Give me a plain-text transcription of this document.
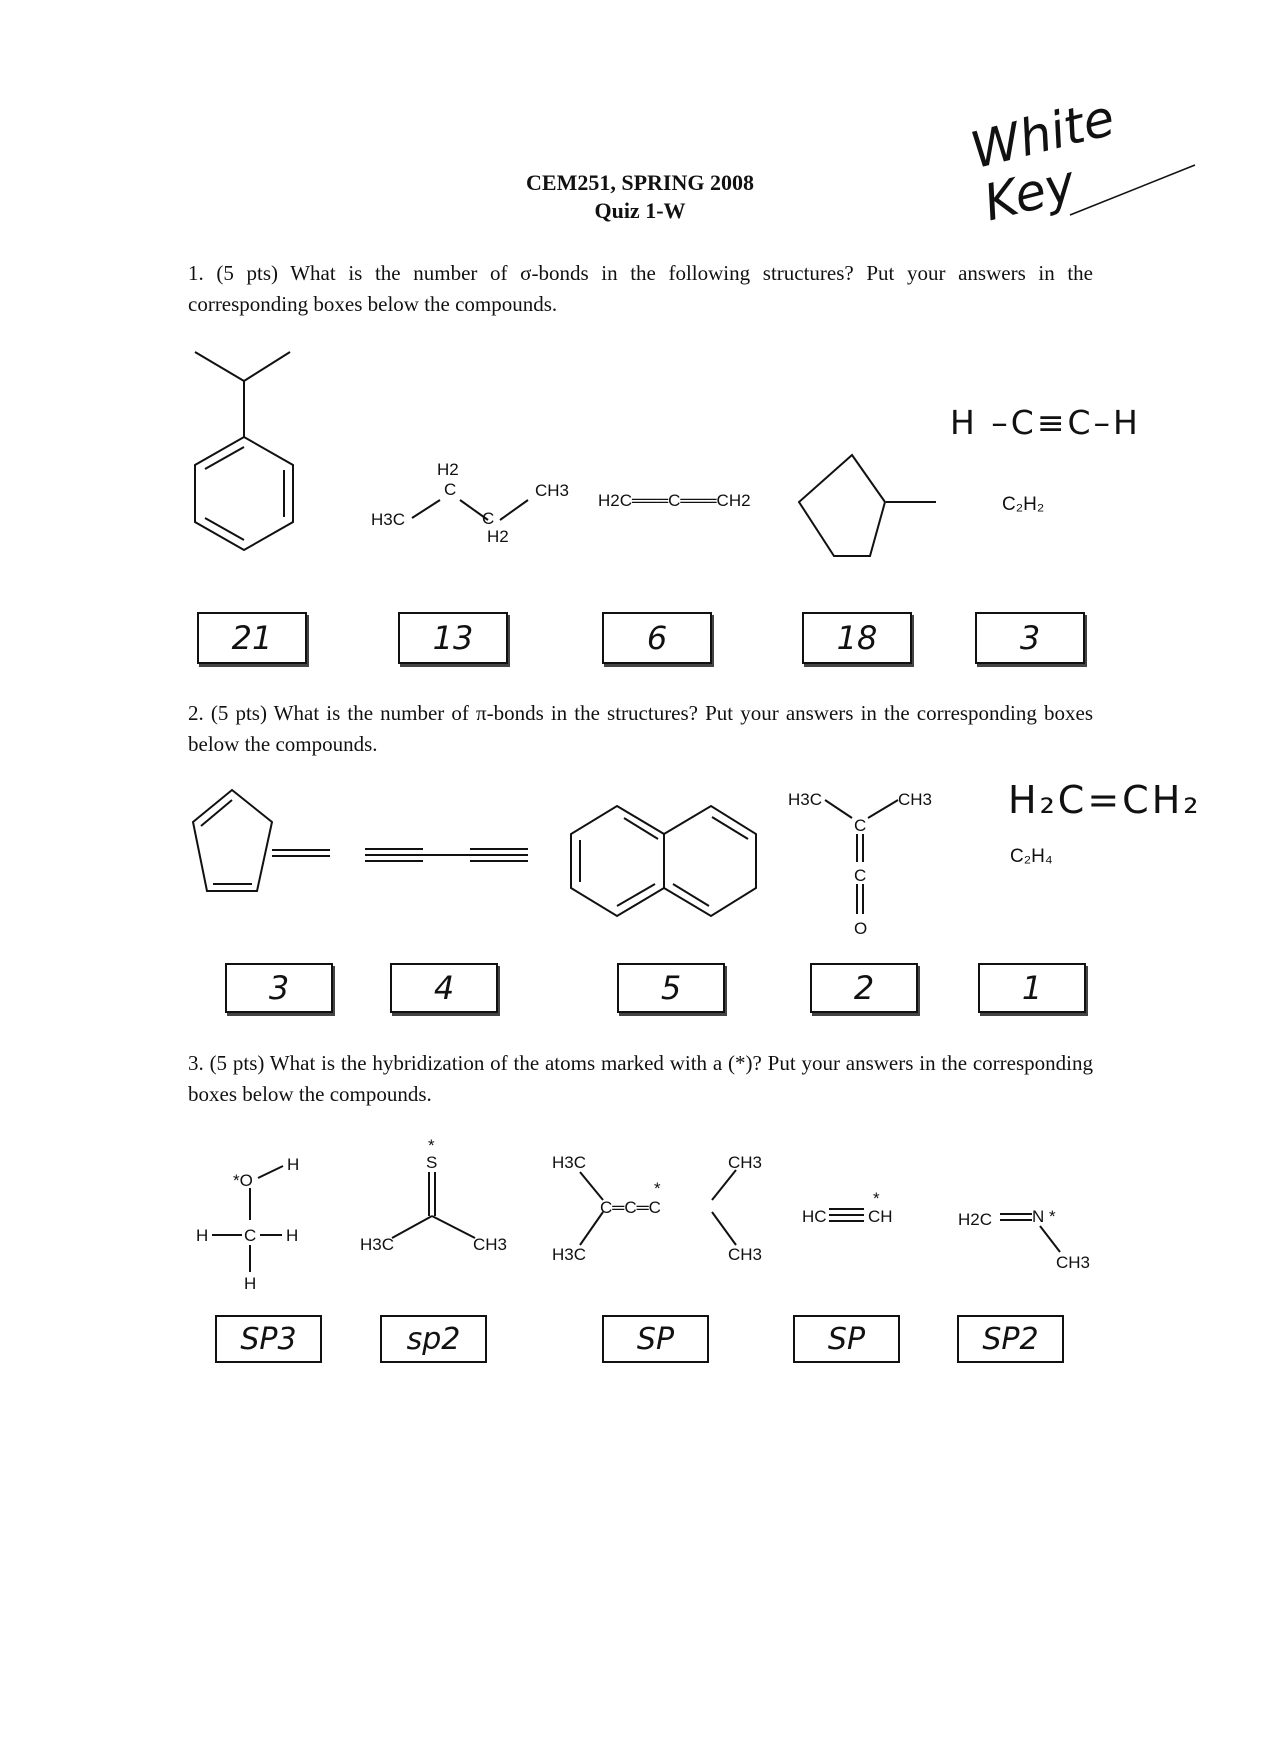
CEM251, SPRING 2008
Quiz 1-W
White Key
1. (5 pts) What is the number of σ-bonds in the following structures? Put your answers in the corresponding boxes below the compounds.
H2
C
H3C	C
H2
CH3
H2C═══C═══CH2	C₂H₂
H –C≡C–H
21	13	6	18	3
2. (5 pts) What is the number of π-bonds in the structures? Put your answers in the corresponding boxes below the compounds.
H3C	CH3
C
C
O
C₂H₄
H₂C=CH₂
3	4	5	2	1
3. (5 pts) What is the hybridization of the atoms marked with a (*)? Put your answers in the corresponding boxes below the compounds.
H
*O
H C H
H
*
S
H3C	CH3
H3C	CH3
H3C	CH3
C═C═C
*
HC CH
*
H2C N *
CH3
SP3	sp2	SP	SP	SP2
